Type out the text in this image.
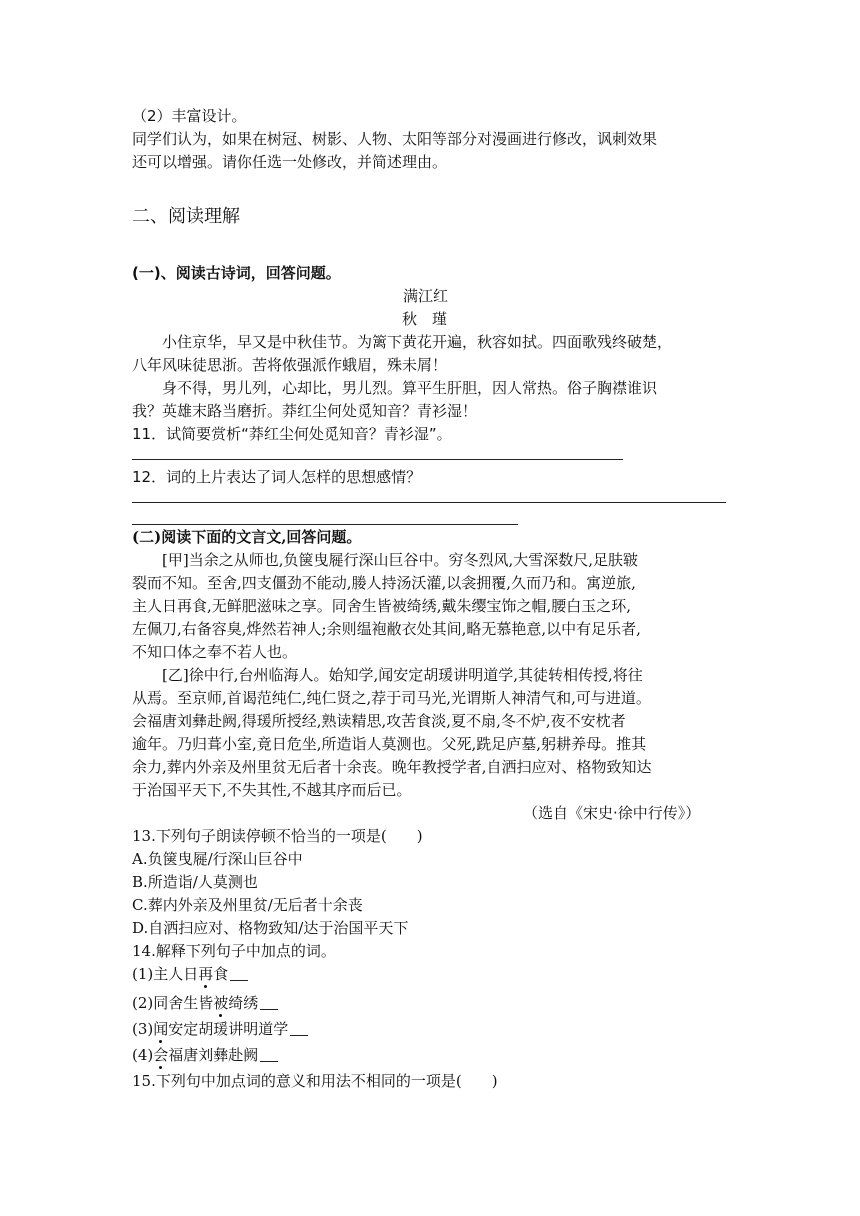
（2）丰富设计。
同学们认为，如果在树冠、树影、人物、太阳等部分对漫画进行修改，讽刺效果
还可以增强。请你任选一处修改，并简述理由。
二、阅读理解
(一)、阅读古诗词，回答问题。
满江红
秋　瑾
　　小住京华，早又是中秋佳节。为篱下黄花开遍，秋容如拭。四面歌残终破楚，
八年风味徒思浙。苦将侬强派作蛾眉，殊未屑！
　　身不得，男儿列，心却比，男儿烈。算平生肝胆，因人常热。俗子胸襟谁识
我？英雄末路当磨折。莽红尘何处觅知音？青衫湿！
11．试简要赏析“莽红尘何处觅知音？青衫湿”。
12．词的上片表达了词人怎样的思想感情？
(二)阅读下面的文言文,回答问题。
　　[甲]当余之从师也,负箧曳屣行深山巨谷中。穷冬烈风,大雪深数尺,足肤皲
裂而不知。至舍,四支僵劲不能动,媵人持汤沃灌,以衾拥覆,久而乃和。寓逆旅,
主人日再食,无鲜肥滋味之享。同舍生皆被绮绣,戴朱缨宝饰之帽,腰白玉之环,
左佩刀,右备容臭,烨然若神人;余则缊袍敝衣处其间,略无慕艳意,以中有足乐者,
不知口体之奉不若人也。
　　[乙]徐中行,台州临海人。始知学,闻安定胡瑗讲明道学,其徒转相传授,将往
从焉。至京师,首谒范纯仁,纯仁贤之,荐于司马光,光谓斯人神清气和,可与进道。
会福唐刘彝赴阙,得瑗所授经,熟读精思,攻苦食淡,夏不扇,冬不炉,夜不安枕者
逾年。乃归葺小室,竟日危坐,所造诣人莫测也。父死,跣足庐墓,躬耕养母。推其
余力,葬内外亲及州里贫无后者十余丧。晚年教授学者,自洒扫应对、格物致知达
于治国平天下,不失其性,不越其序而后已。
（选自《宋史·徐中行传》）
13.下列句子朗读停顿不恰当的一项是(　　)
A.负箧曳屣/行深山巨谷中
B.所造诣/人莫测也
C.葬内外亲及州里贫/无后者十余丧
D.自洒扫应对、格物致知/达于治国平天下
14.解释下列句子中加点的词。
(1)主人日再食
(2)同舍生皆被绮绣
(3)闻安定胡瑗讲明道学
(4)会福唐刘彝赴阙
15.下列句中加点词的意义和用法不相同的一项是(　　)
